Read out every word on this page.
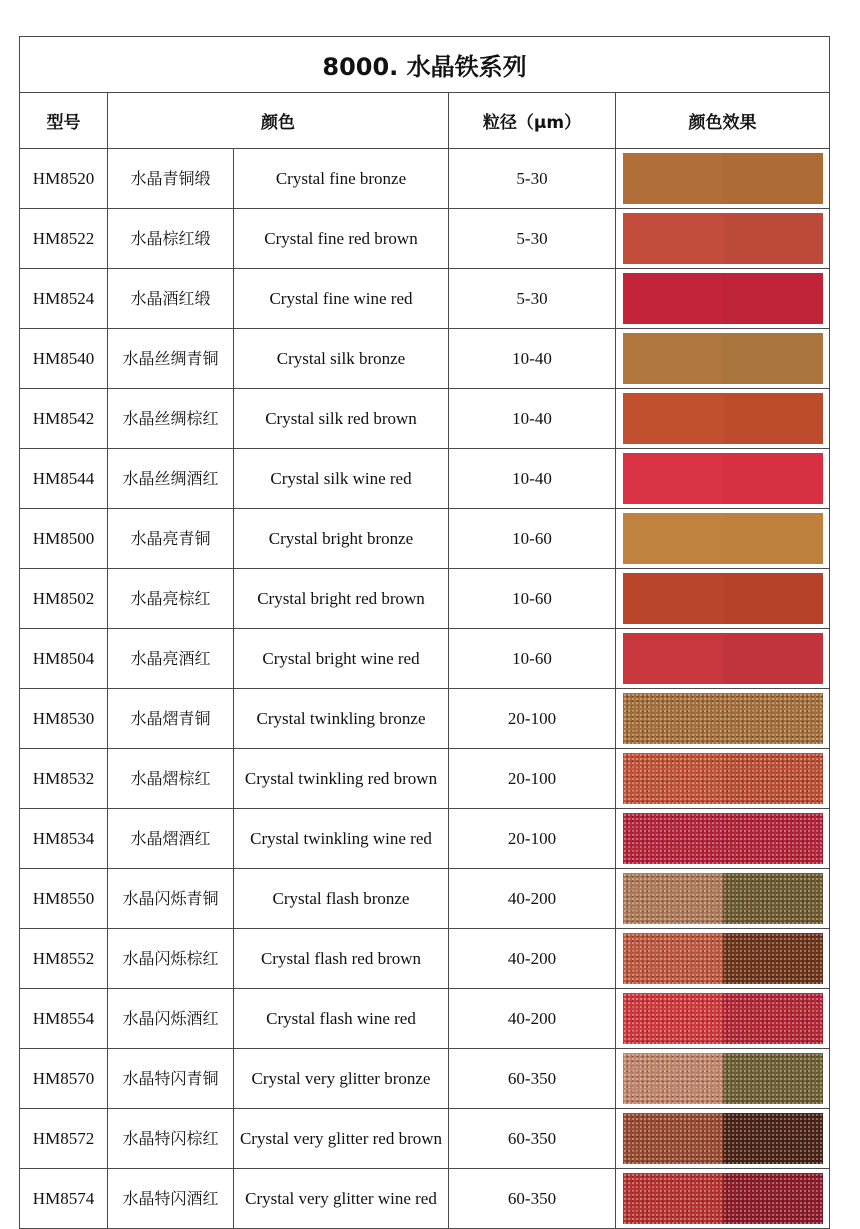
8000. 水晶铁系列				
型号	颜色		粒径（μm）	颜色效果
HM8520	水晶青铜缎	Crystal fine bronze	5-30	

HM8522	水晶棕红缎	Crystal fine red brown	5-30	

HM8524	水晶酒红缎	Crystal fine wine red	5-30	

HM8540	水晶丝绸青铜	Crystal silk bronze	10-40	

HM8542	水晶丝绸棕红	Crystal silk red brown	10-40	

HM8544	水晶丝绸酒红	Crystal silk wine red	10-40	

HM8500	水晶亮青铜	Crystal bright bronze	10-60	

HM8502	水晶亮棕红	Crystal bright red brown	10-60	

HM8504	水晶亮酒红	Crystal bright wine red	10-60	

HM8530	水晶熠青铜	Crystal twinkling bronze	20-100	

HM8532	水晶熠棕红	Crystal twinkling red brown	20-100	

HM8534	水晶熠酒红	Crystal twinkling wine red	20-100	

HM8550	水晶闪烁青铜	Crystal flash bronze	40-200	

HM8552	水晶闪烁棕红	Crystal flash red brown	40-200	

HM8554	水晶闪烁酒红	Crystal flash wine red	40-200	

HM8570	水晶特闪青铜	Crystal very glitter bronze	60-350	

HM8572	水晶特闪棕红	Crystal very glitter red brown	60-350	

HM8574	水晶特闪酒红	Crystal very glitter wine red	60-350	
